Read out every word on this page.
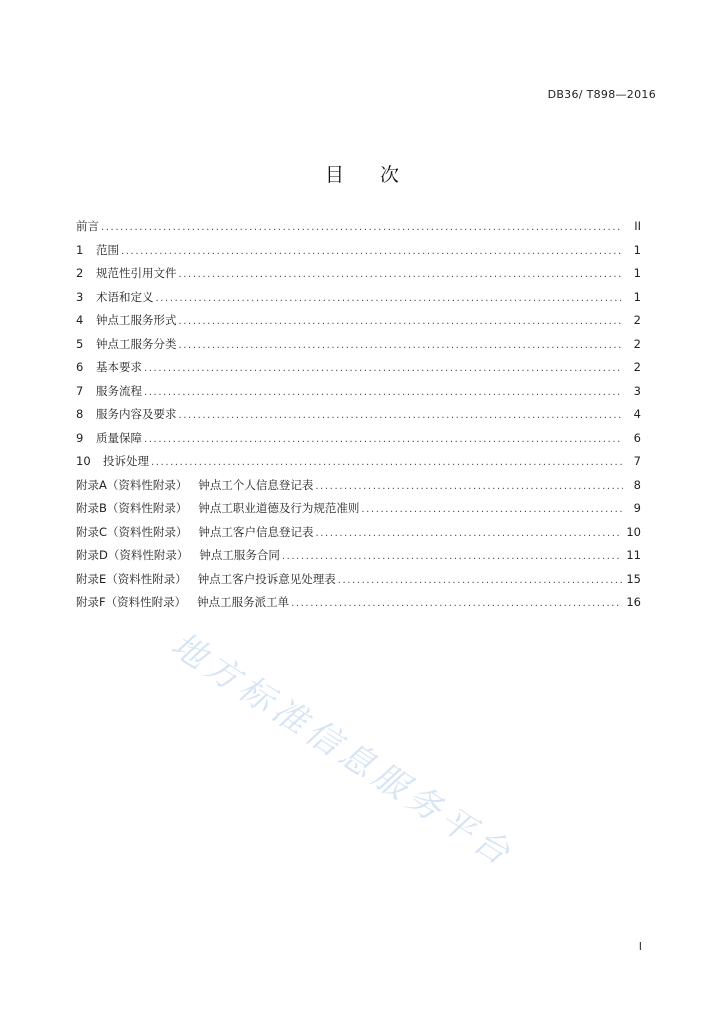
DB36/ T898—2016
目 次
前言 .....	II
1	范围 .....	1
2	规范性引用文件 .....	1
3	术语和定义 .....	1
4	钟点工服务形式 .....	2
5	钟点工服务分类 .....	2
6	基本要求 .....	2
7	服务流程 .....	3
8	服务内容及要求 .....	4
9	质量保障 .....	6
10	投诉处理 .....	7
附录A（资料性附录）   钟点工个人信息登记表 .....	8
附录B（资料性附录）   钟点工职业道德及行为规范准则 .....	9
附录C（资料性附录）   钟点工客户信息登记表 .....	10
附录D（资料性附录）   钟点工服务合同 .....	11
附录E（资料性附录）   钟点工客户投诉意见处理表 .....	15
附录F（资料性附录）   钟点工服务派工单 .....	16
地方标准信息服务平台
I
